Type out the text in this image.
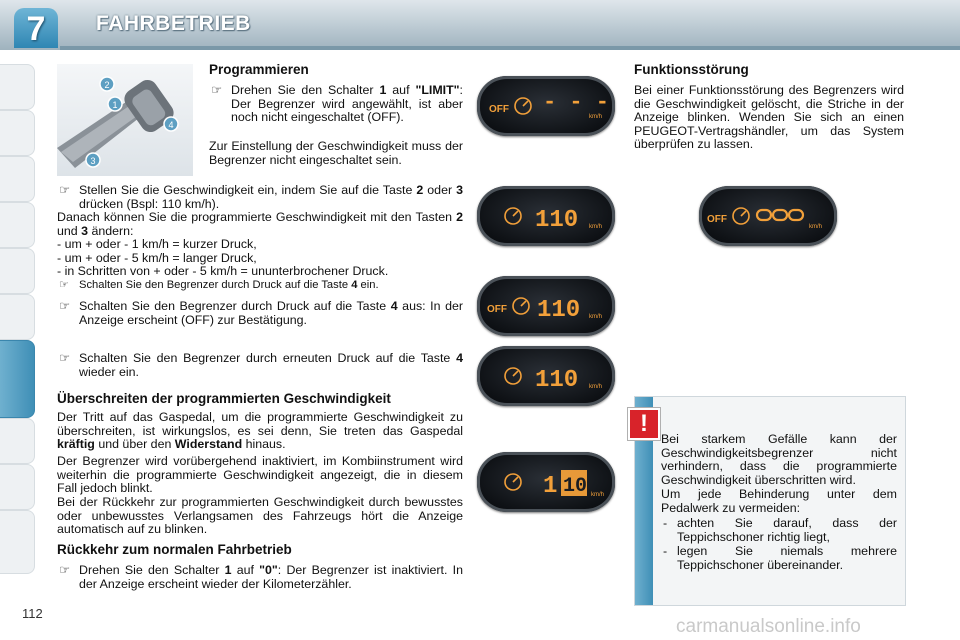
7	FAHRBETRIEB
2
1
4
3
Programmieren
☞ Drehen Sie den Schalter 1 auf "LIMIT": Der Begrenzer wird angewählt, ist aber noch nicht eingeschaltet (OFF).

Zur Einstellung der Geschwindigkeit muss der Begrenzer nicht eingeschaltet sein.

☞ Stellen Sie die Geschwindigkeit ein, indem Sie auf die Taste 2 oder 3 drücken (Bspl: 110 km/h).

Danach können Sie die programmierte Geschwindigkeit mit den Tasten 2 und 3 ändern:

- um + oder - 1 km/h = kurzer Druck,

- um + oder - 5 km/h = langer Druck,

- in Schritten von + oder - 5 km/h = ununterbrochener Druck.

☞ Schalten Sie den Begrenzer durch Druck auf die Taste 4 ein.
☞ Schalten Sie den Begrenzer durch Druck auf die Taste 4 aus: In der Anzeige erscheint (OFF) zur Bestätigung.
☞ Schalten Sie den Begrenzer durch erneuten Druck auf die Taste 4 wieder ein.
Überschreiten der programmierten Geschwindigkeit

Der Tritt auf das Gaspedal, um die programmierte Geschwindigkeit zu überschreiten, ist wirkungslos, es sei denn, Sie treten das Gaspedal kräftig und über den Widerstand hinaus.

Der Begrenzer wird vorübergehend inaktiviert, im Kombiinstrument wird weiterhin die programmierte Geschwindigkeit angezeigt, die in diesem Fall jedoch blinkt.

Bei der Rückkehr zur programmierten Geschwindigkeit durch bewusstes oder unbewusstes Verlangsamen des Fahrzeugs hört die Anzeige automatisch auf zu blinken.

Rückkehr zum normalen Fahrbetrieb
☞ Drehen Sie den Schalter 1 auf "0": Der Begrenzer ist inaktiviert. In der Anzeige erscheint wieder der Kilometerzähler.
OFF - - -
km/h
110 km/h
OFF 110 km/h
110 km/h
1 10 km/h
Funktionsstörung

Bei einer Funktionsstörung des Begrenzers wird die Geschwindigkeit gelöscht, die Striche in der Anzeige blinken. Wenden Sie sich an einen PEUGEOT-Vertragshändler, um das System überprüfen zu lassen.

OFF
km/h

Bei starkem Gefälle kann der Geschwindigkeitsbegrenzer nicht verhindern, dass die programmierte Geschwindigkeit überschritten wird.

Um jede Behinderung unter dem Pedalwerk zu vermeiden:

- achten Sie darauf, dass der Teppichschoner richtig liegt,
- legen Sie niemals mehrere Teppichschoner übereinander.
!
112
carmanualsonline.info
